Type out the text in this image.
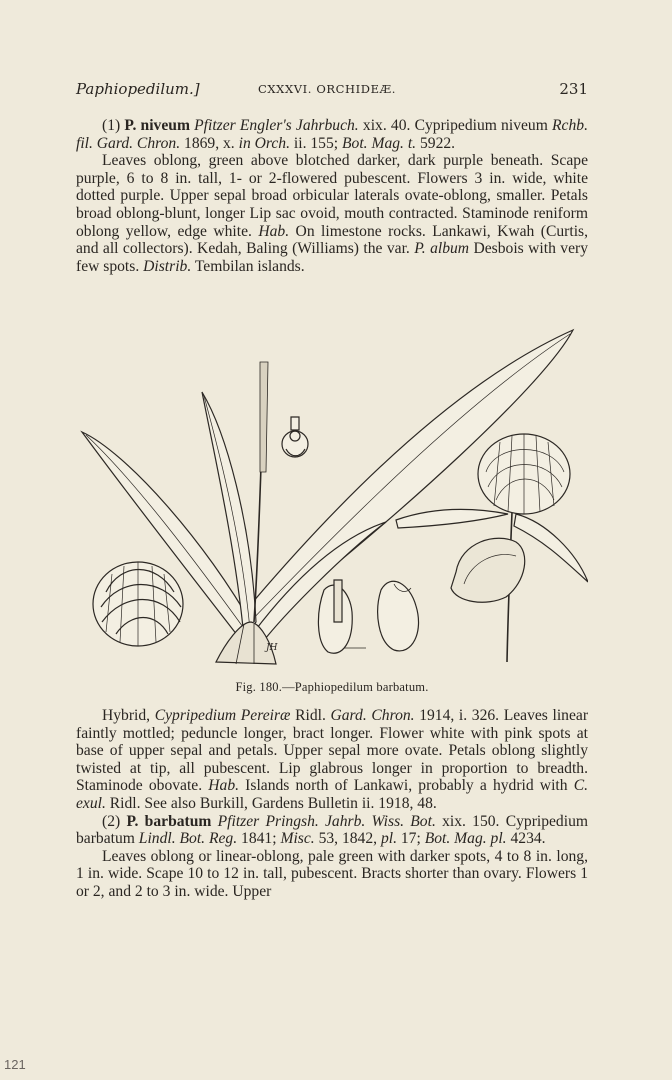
Paphiopedilum.]	CXXXVI. ORCHIDEÆ.	231

(1) P. niveum Pfitzer Engler's Jahrbuch. xix. 40. Cypripedium niveum Rchb. fil. Gard. Chron. 1869, x. in Orch. ii. 155; Bot. Mag. t. 5922.

Leaves oblong, green above blotched darker, dark purple beneath. Scape purple, 6 to 8 in. tall, 1- or 2-flowered pubescent. Flowers 3 in. wide, white dotted purple. Upper sepal broad orbicular laterals ovate-oblong, smaller. Petals broad oblong-blunt, longer Lip sac ovoid, mouth contracted. Staminode reniform oblong yellow, edge white. Hab. On limestone rocks. Lankawi, Kwah (Curtis, and all collectors). Kedah, Baling (Williams) the var. P. album Desbois with very few spots. Distrib. Tembilan islands.

JH
Fig. 180.—Paphiopedilum barbatum.

Hybrid, Cypripedium Pereiræ Ridl. Gard. Chron. 1914, i. 326. Leaves linear faintly mottled; peduncle longer, bract longer. Flower white with pink spots at base of upper sepal and petals. Upper sepal more ovate. Petals oblong slightly twisted at tip, all pubescent. Lip glabrous longer in proportion to breadth. Staminode obovate. Hab. Islands north of Lankawi, probably a hydrid with C. exul. Ridl. See also Burkill, Gardens Bulletin ii. 1918, 48.

(2) P. barbatum Pfitzer Pringsh. Jahrb. Wiss. Bot. xix. 150. Cypripedium barbatum Lindl. Bot. Reg. 1841; Misc. 53, 1842, pl. 17; Bot. Mag. pl. 4234.

Leaves oblong or linear-oblong, pale green with darker spots, 4 to 8 in. long, 1 in. wide. Scape 10 to 12 in. tall, pubescent. Bracts shorter than ovary. Flowers 1 or 2, and 2 to 3 in. wide. Upper

121
